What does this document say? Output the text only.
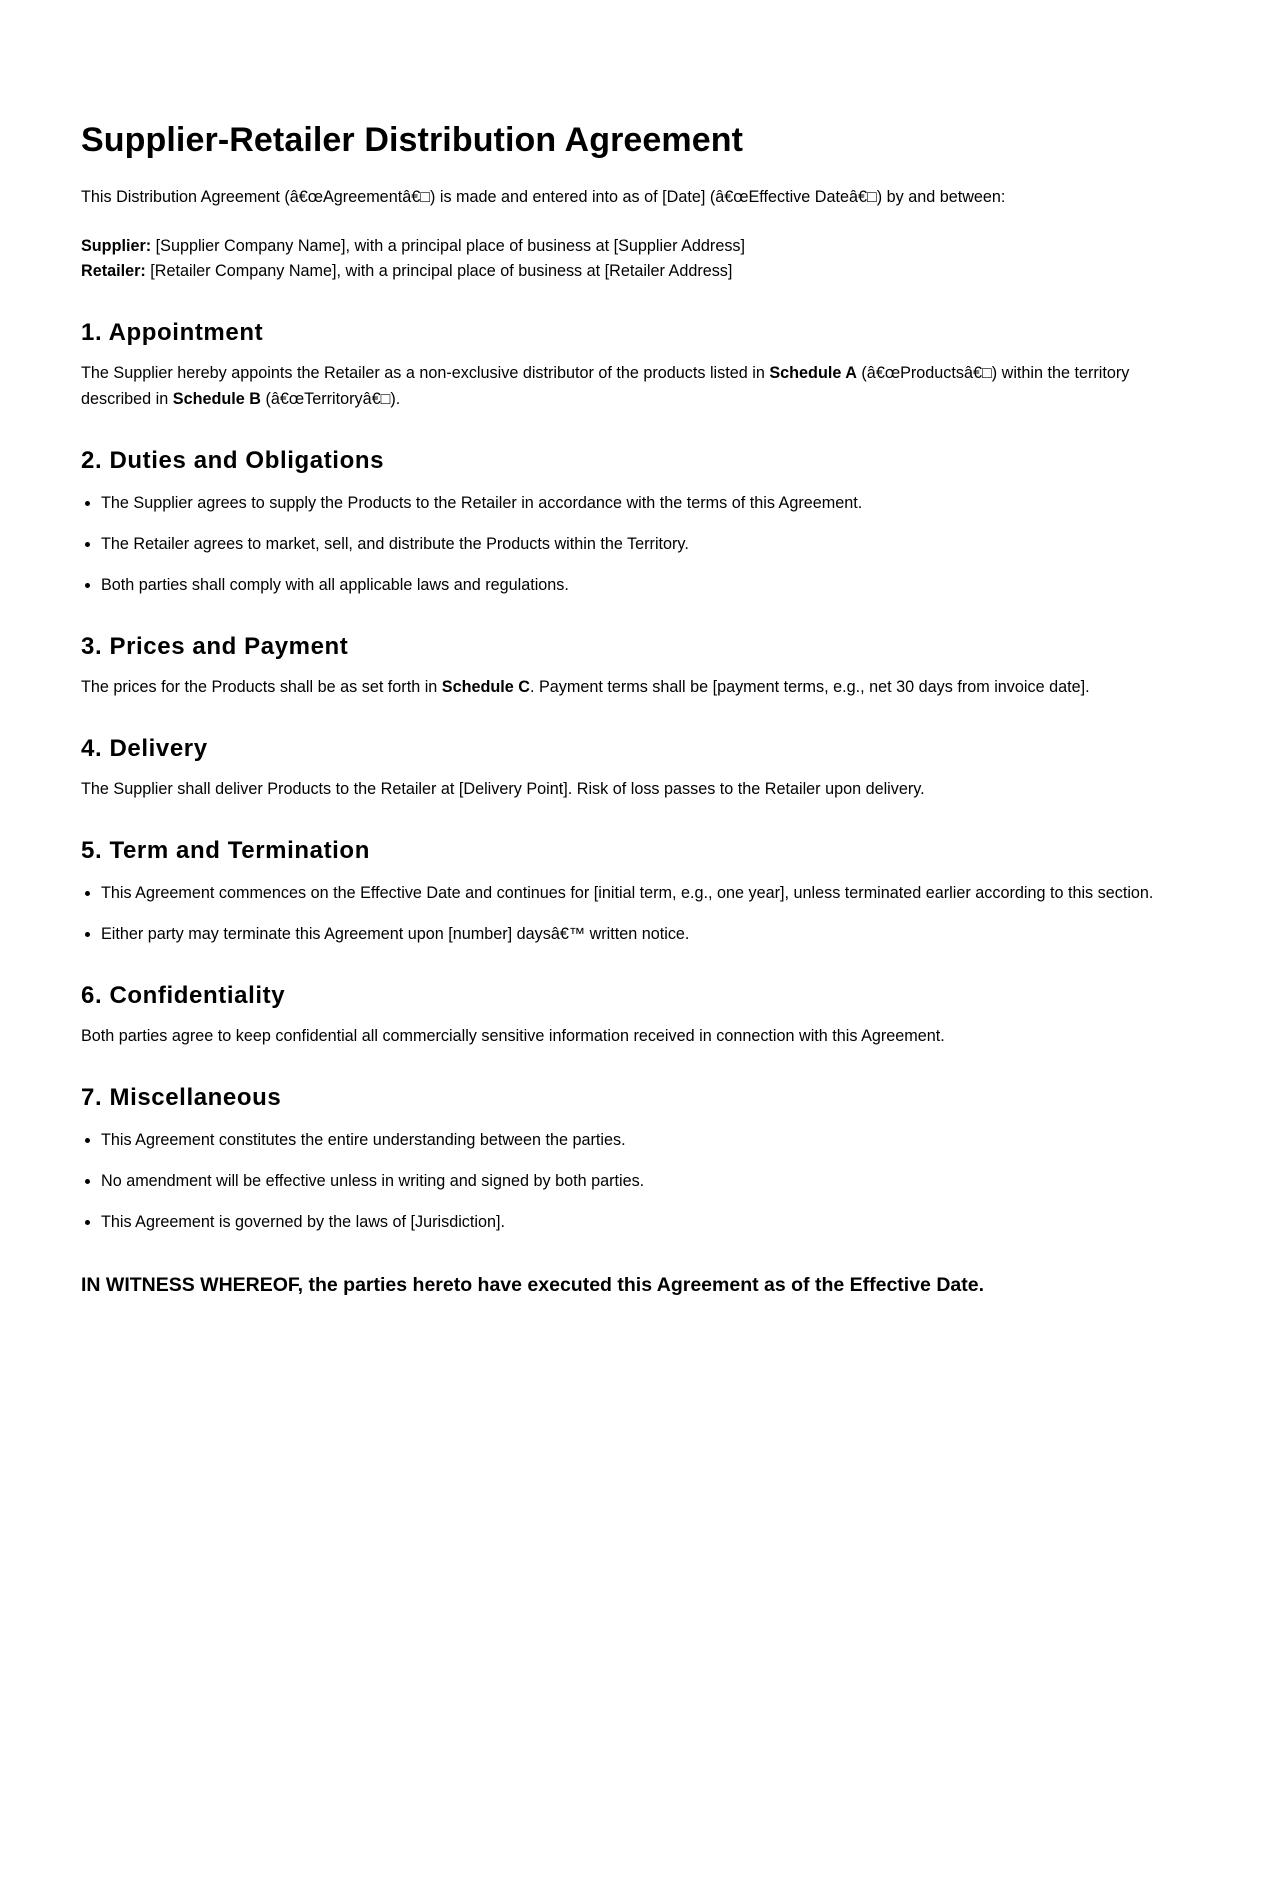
Supplier-Retailer Distribution Agreement

This Distribution Agreement (â€œAgreementâ€□) is made and entered into as of [Date] (â€œEffective Dateâ€□) by and between:

Supplier: [Supplier Company Name], with a principal place of business at [Supplier Address]

Retailer: [Retailer Company Name], with a principal place of business at [Retailer Address]

1. Appointment

The Supplier hereby appoints the Retailer as a non-exclusive distributor of the products listed in Schedule A (â€œProductsâ€□) within the territory described in Schedule B (â€œTerritoryâ€□).

2. Duties and Obligations
• The Supplier agrees to supply the Products to the Retailer in accordance with the terms of this Agreement.
• The Retailer agrees to market, sell, and distribute the Products within the Territory.
• Both parties shall comply with all applicable laws and regulations.
3. Prices and Payment

The prices for the Products shall be as set forth in Schedule C. Payment terms shall be [payment terms, e.g., net 30 days from invoice date].

4. Delivery

The Supplier shall deliver Products to the Retailer at [Delivery Point]. Risk of loss passes to the Retailer upon delivery.

5. Term and Termination
• This Agreement commences on the Effective Date and continues for [initial term, e.g., one year], unless terminated earlier according to this section.
• Either party may terminate this Agreement upon [number] daysâ€™ written notice.
6. Confidentiality

Both parties agree to keep confidential all commercially sensitive information received in connection with this Agreement.

7. Miscellaneous
• This Agreement constitutes the entire understanding between the parties.
• No amendment will be effective unless in writing and signed by both parties.
• This Agreement is governed by the laws of [Jurisdiction].

IN WITNESS WHEREOF, the parties hereto have executed this Agreement as of the Effective Date.
